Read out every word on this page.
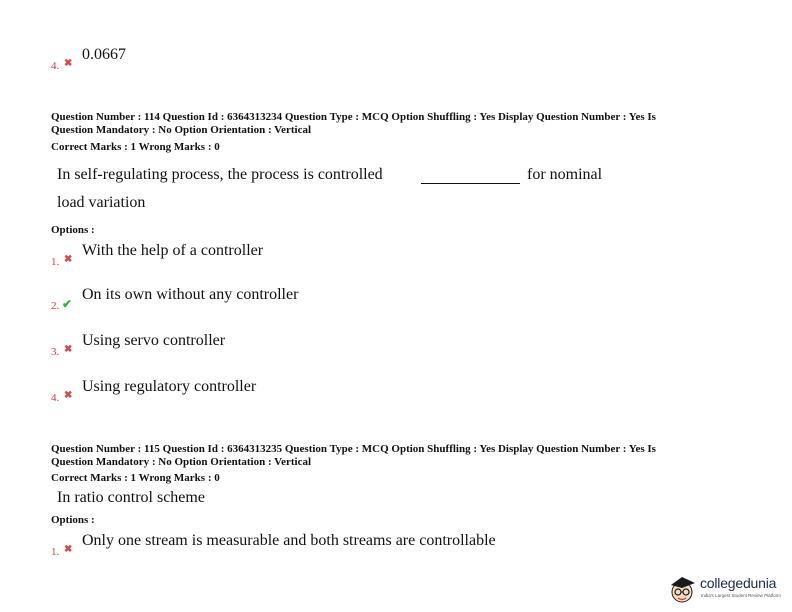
4. ✖
0.0667
Question Number : 114 Question Id : 6364313234 Question Type : MCQ Option Shuffling : Yes Display Question Number : Yes Is
Question Mandatory : No Option Orientation : Vertical
Correct Marks : 1 Wrong Marks : 0
In self-regulating process, the process is controlled	for nominal
load variation
Options :
1. ✖
With the help of a controller
2. ✔
On its own without any controller
3. ✖
Using servo controller
4. ✖
Using regulatory controller
Question Number : 115 Question Id : 6364313235 Question Type : MCQ Option Shuffling : Yes Display Question Number : Yes Is
Question Mandatory : No Option Orientation : Vertical
Correct Marks : 1 Wrong Marks : 0
In ratio control scheme
Options :
1. ✖
Only one stream is measurable and both streams are controllable
collegedunia
India's Largest Student Review Platform
